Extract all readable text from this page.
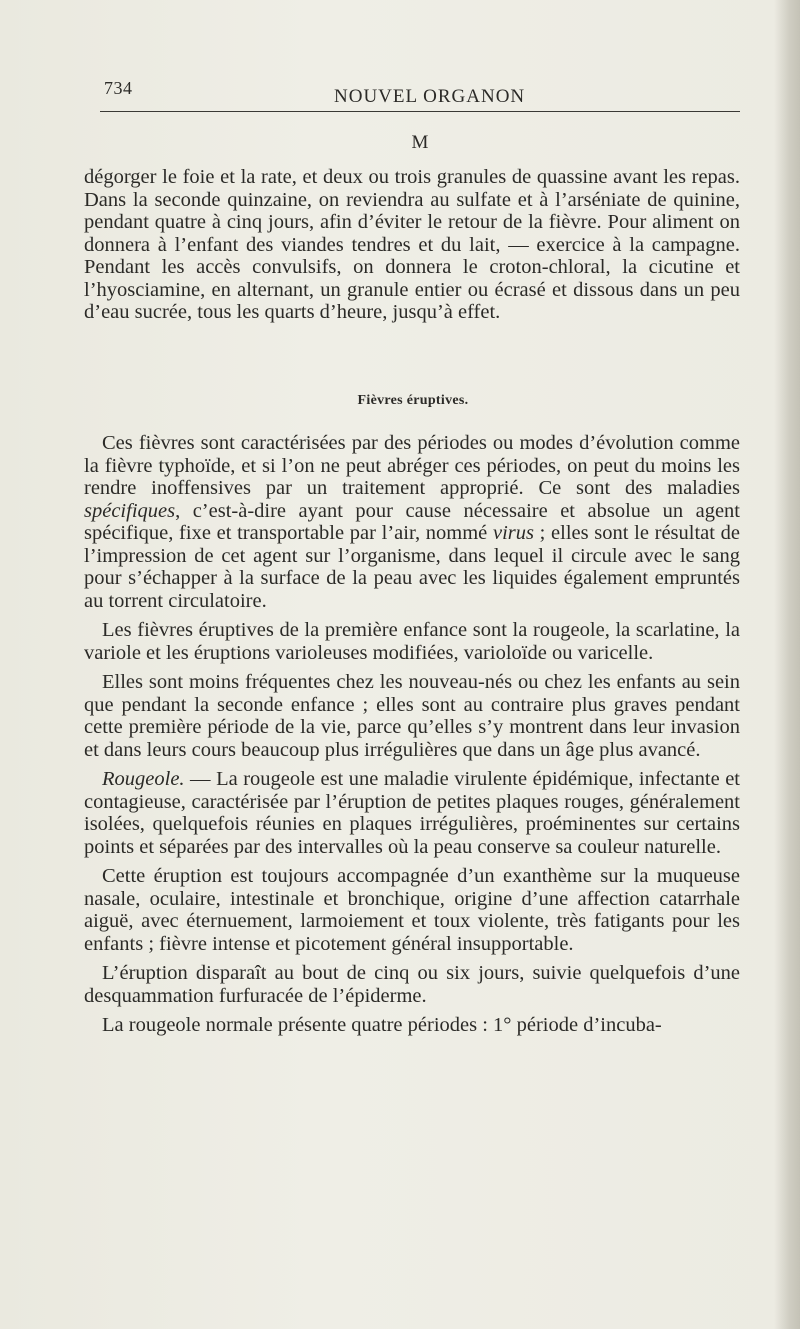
734	NOUVEL ORGANON
M

dégorger le foie et la rate, et deux ou trois granules de quassine avant les repas. Dans la seconde quinzaine, on reviendra au sulfate et à l’arséniate de quinine, pendant quatre à cinq jours, afin d’éviter le retour de la fièvre. Pour aliment on donnera à l’enfant des viandes tendres et du lait, — exercice à la campagne. Pendant les accès convulsifs, on donnera le croton-chloral, la cicutine et l’hyosciamine, en alternant, un granule entier ou écrasé et dissous dans un peu d’eau sucrée, tous les quarts d’heure, jusqu’à effet.

Fièvres éruptives.

Ces fièvres sont caractérisées par des périodes ou modes d’évolution comme la fièvre typhoïde, et si l’on ne peut abréger ces périodes, on peut du moins les rendre inoffensives par un traitement approprié. Ce sont des maladies spécifiques, c’est-à-dire ayant pour cause nécessaire et absolue un agent spécifique, fixe et transportable par l’air, nommé virus ; elles sont le résultat de l’impression de cet agent sur l’organisme, dans lequel il circule avec le sang pour s’échapper à la surface de la peau avec les liquides également empruntés au torrent circulatoire.

Les fièvres éruptives de la première enfance sont la rougeole, la scarlatine, la variole et les éruptions varioleuses modifiées, varioloïde ou varicelle.

Elles sont moins fréquentes chez les nouveau-nés ou chez les enfants au sein que pendant la seconde enfance ; elles sont au contraire plus graves pendant cette première période de la vie, parce qu’elles s’y montrent dans leur invasion et dans leurs cours beaucoup plus irrégulières que dans un âge plus avancé.

Rougeole. — La rougeole est une maladie virulente épidémique, infectante et contagieuse, caractérisée par l’éruption de petites plaques rouges, généralement isolées, quelquefois réunies en plaques irrégulières, proéminentes sur certains points et séparées par des intervalles où la peau conserve sa couleur naturelle.

Cette éruption est toujours accompagnée d’un exanthème sur la muqueuse nasale, oculaire, intestinale et bronchique, origine d’une affection catarrhale aiguë, avec éternuement, larmoiement et toux violente, très fatigants pour les enfants ; fièvre intense et picotement général insupportable.

L’éruption disparaît au bout de cinq ou six jours, suivie quelquefois d’une desquammation furfuracée de l’épiderme.

La rougeole normale présente quatre périodes : 1° période d’incuba-
